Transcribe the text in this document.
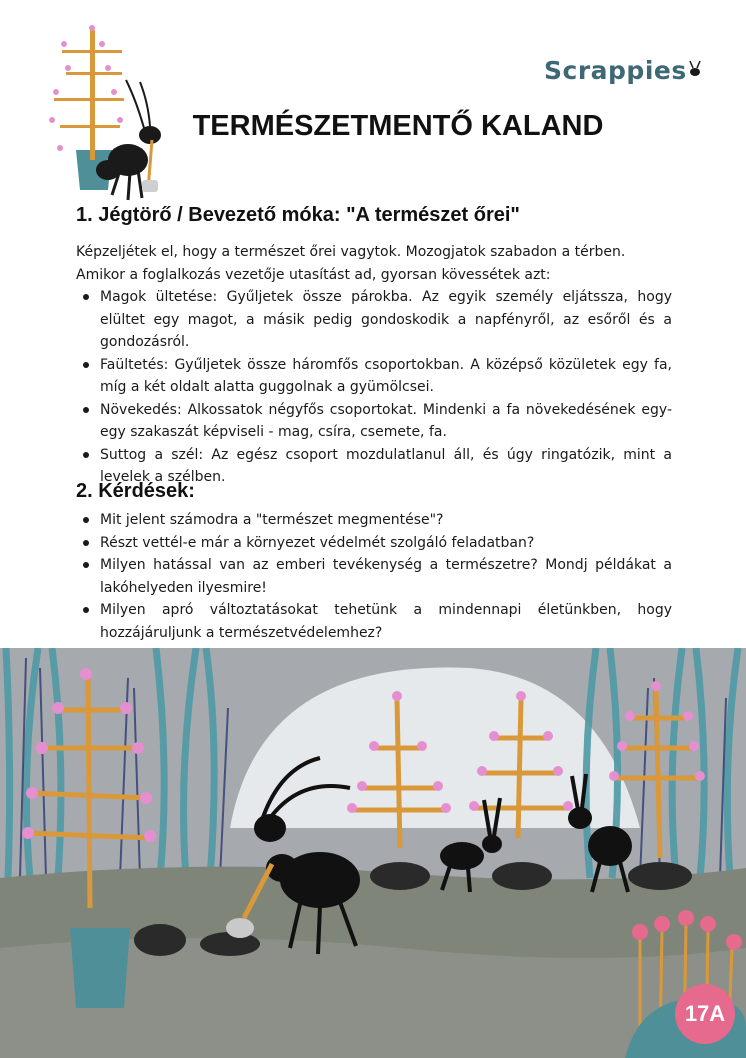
Scrappies
TERMÉSZETMENTŐ KALAND
1. Jégtörő / Bevezető móka: "A természet őrei"

Képzeljétek el, hogy a természet őrei vagytok. Mozogjatok szabadon a térben. Amikor a foglalkozás vezetője utasítást ad, gyorsan kövessétek azt:

Magok ültetése: Gyűljetek össze párokba. Az egyik személy eljátssza, hogy elültet egy magot, a másik pedig gondoskodik a napfényről, az esőről és a gondozásról.
Faültetés: Gyűljetek össze háromfős csoportokban. A középső közületek egy fa, míg a két oldalt alatta guggolnak a gyümölcsei.
Növekedés: Alkossatok négyfős csoportokat. Mindenki a fa növekedésének egy-egy szakaszát képviseli - mag, csíra, csemete, fa.
Suttog a szél: Az egész csoport mozdulatlanul áll, és úgy ringatózik, mint a levelek a szélben.
2. Kérdések:
Mit jelent számodra a "természet megmentése"?
Részt vettél-e már a környezet védelmét szolgáló feladatban?
Milyen hatással van az emberi tevékenység a természetre? Mondj példákat a lakóhelyeden ilyesmire!
Milyen apró változtatásokat tehetünk a mindennapi életünkben, hogy hozzájáruljunk a természetvédelemhez?
17A
